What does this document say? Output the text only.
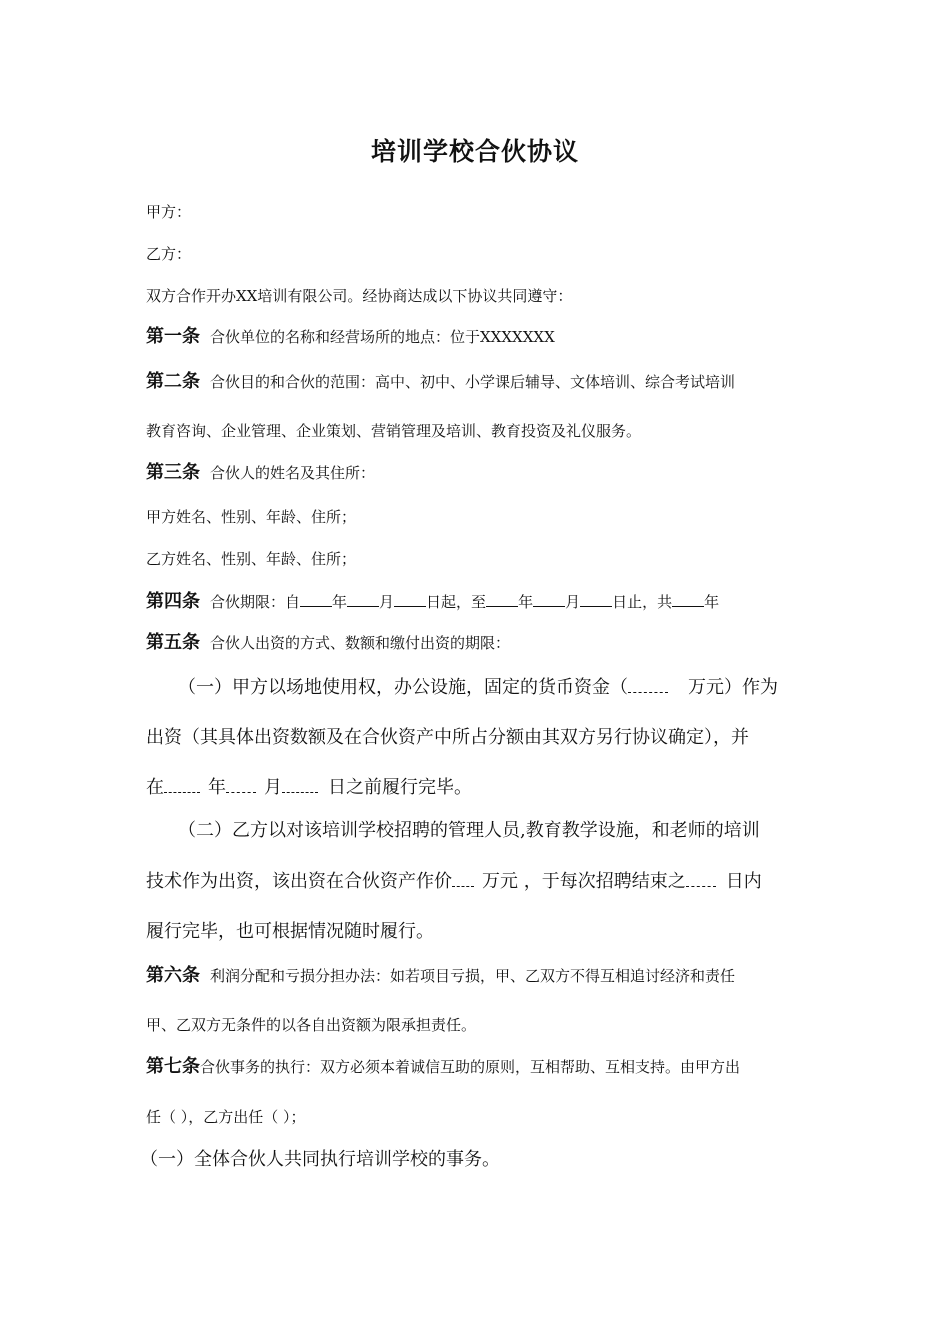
培训学校合伙协议
甲方：
乙方：
双方合作开办XX培训有限公司。经协商达成以下协议共同遵守：
第一条 合伙单位的名称和经营场所的地点：位于XXXXXXX
第二条 合伙目的和合伙的范围：高中、初中、小学课后辅导、文体培训、综合考试培训
教育咨询、企业管理、企业策划、营销管理及培训、教育投资及礼仪服务。
第三条 合伙人的姓名及其住所：
甲方姓名、性别、年龄、住所；
乙方姓名、性别、年龄、住所；
第四条 合伙期限：自 年 月 日起，至 年 月 日止，共 年
第五条 合伙人出资的方式、数额和缴付出资的期限：
（一）甲方以场地使用权，办公设施，固定的货币资金（	万元）作为
出资（其具体出资数额及在合伙资产中所占分额由其双方另行协议确定），并
在 年 月	日之前履行完毕。
（二）乙方以对该培训学校招聘的管理人员,教育教学设施，和老师的培训
技术作为出资，该出资在合伙资产作价 万元 ，于每次招聘结束之 日内
履行完毕，也可根据情况随时履行。
第六条 利润分配和亏损分担办法：如若项目亏损，甲、乙双方不得互相追讨经济和责任
甲、乙双方无条件的以各自出资额为限承担责任。
第七条合伙事务的执行：双方必须本着诚信互助的原则，互相帮助、互相支持。由甲方出
任（ ），乙方出任（ ）；
（一）全体合伙人共同执行培训学校的事务。
